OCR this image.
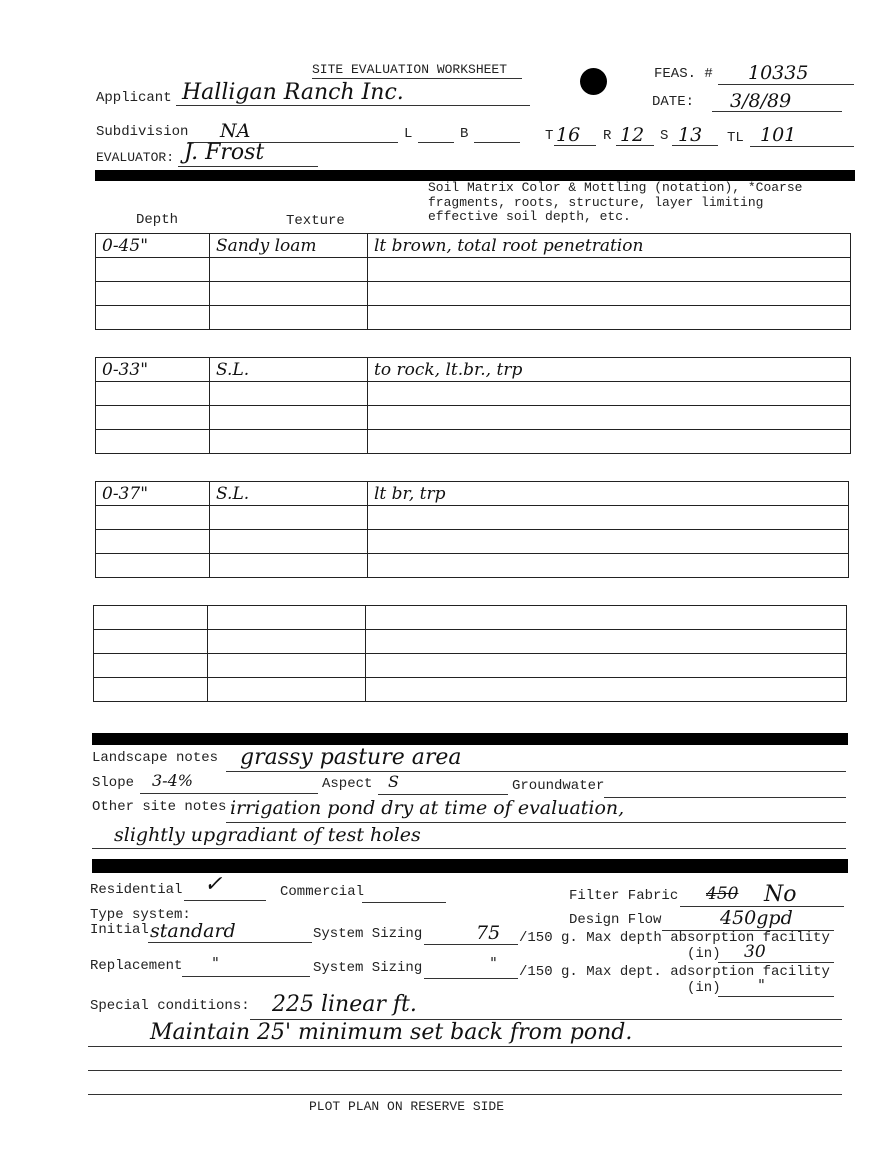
SITE EVALUATION WORKSHEET	FEAS. # 10335
DATE: 3/8/89
Applicant Halligan Ranch Inc.
Subdivision NA	L	B	T 16 R 12 S 13 TL 101
EVALUATOR: J. Frost
Soil Matrix Color & Mottling (notation), *Coarse
fragments, roots, structure, layer limiting
effective soil depth, etc.
Depth	Texture
0-45"	Sandy loam	lt brown, total root penetration

0-33"	S.L.	to rock, lt.br., trp

0-37"	S.L.	lt br, trp

Landscape notes grassy pasture area
Slope 3-4%	Aspect S	Groundwater
Other site notes irrigation pond dry at time of evaluation,
slightly upgradiant of test holes
Residential ✓	Commercial	Filter Fabric 450 No
Type system:	Design Flow	450gpd
Initial standard	System Sizing	75 /150 g. Max depth absorption facility
(in) 30
Replacement "	System Sizing	" /150 g. Max dept. adsorption facility
(in) "
Special conditions: 225 linear ft.
Maintain 25' minimum set back from pond.
PLOT PLAN ON RESERVE SIDE
